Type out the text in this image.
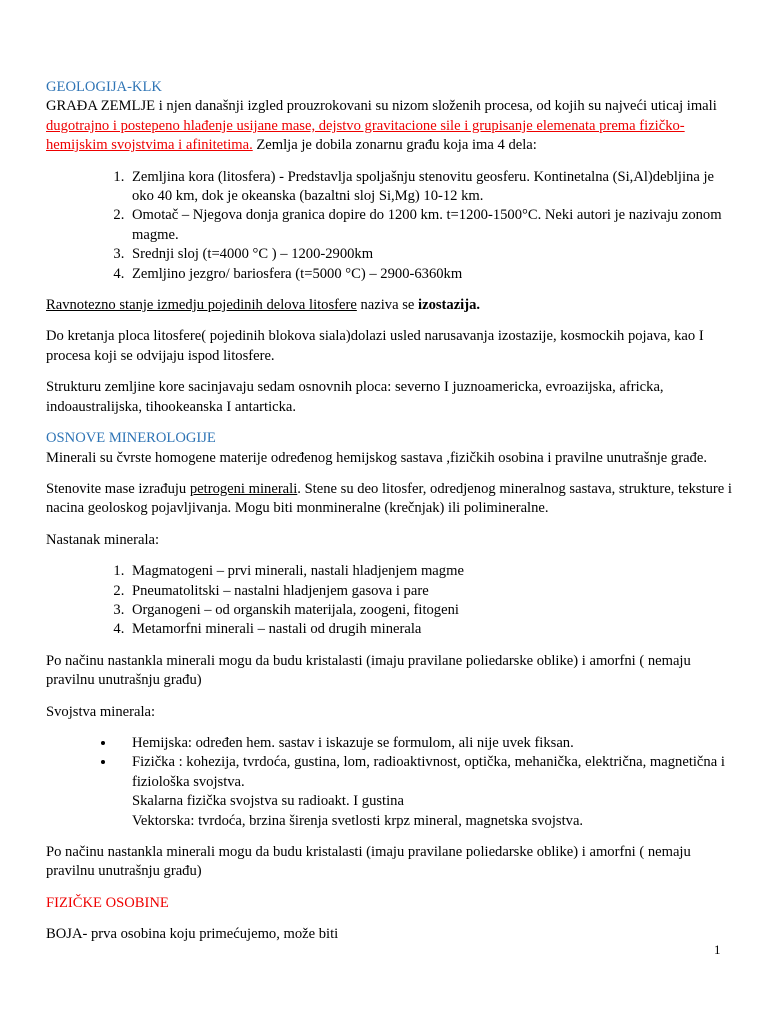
GEOLOGIJA-KLK

GRAĐA ZEMLJE i njen današnji izgled prouzrokovani su nizom složenih procesa, od kojih su najveći uticaj imali dugotrajno i postepeno hlađenje usijane mase, dejstvo gravitacione sile i grupisanje elemenata prema fizičko-hemijskim svojstvima i afinitetima. Zemlja je dobila zonarnu građu koja ima 4 dela:

1. Zemljina kora (litosfera) - Predstavlja spoljašnju stenovitu geosferu. Kontinetalna (Si,Al)debljina je oko 40 km, dok je okeanska (bazaltni sloj Si,Mg) 10-12 km.
2. Omotač – Njegova donja granica dopire do 1200 km. t=1200-1500°C. Neki autori je nazivaju zonom magme.
3. Srednji sloj (t=4000 °C ) – 1200-2900km
4. Zemljino jezgro/ bariosfera (t=5000 °C) – 2900-6360km

Ravnotezno stanje izmedju pojedinih delova litosfere naziva se izostazija.

Do kretanja ploca litosfere( pojedinih blokova siala)dolazi usled narusavanja izostazije, kosmockih pojava, kao I procesa koji se odvijaju ispod litosfere.

Strukturu zemljine kore sacinjavaju sedam osnovnih ploca: severno I juznoamericka, evroazijska, africka, indoaustralijska, tihookeanska I antarticka.

OSNOVE MINEROLOGIJE

Minerali su čvrste homogene materije određenog hemijskog sastava ,fizičkih osobina i pravilne unutrašnje građe.

Stenovite mase izrađuju petrogeni minerali. Stene su deo litosfer, odredjenog mineralnog sastava, strukture, teksture i nacina geoloskog pojavljivanja. Mogu biti monmineralne (krečnjak) ili polimineralne.

Nastanak minerala:

1. Magmatogeni – prvi minerali, nastali hladjenjem magme
2. Pneumatolitski – nastalni hladjenjem gasova i pare
3. Organogeni – od organskih materijala, zoogeni, fitogeni
4. Metamorfni minerali – nastali od drugih minerala

Po načinu nastankla minerali mogu da budu kristalasti (imaju pravilane poliedarske oblike) i amorfni ( nemaju pravilnu unutrašnju građu)

Svojstva minerala:

• Hemijska: određen hem. sastav i iskazuje se formulom, ali nije uvek fiksan.
• Fizička : kohezija, tvrdoća, gustina, lom, radioaktivnost, optička, mehanička, električna, magnetična i fiziološka svojstva.
Skalarna fizička svojstva su radioakt. I gustina
Vektorska: tvrdoća, brzina širenja svetlosti krpz mineral, magnetska svojstva.

Po načinu nastankla minerali mogu da budu kristalasti (imaju pravilane poliedarske oblike) i amorfni ( nemaju pravilnu unutrašnju građu)

FIZIČKE OSOBINE

BOJA- prva osobina koju primećujemo, može biti

1
